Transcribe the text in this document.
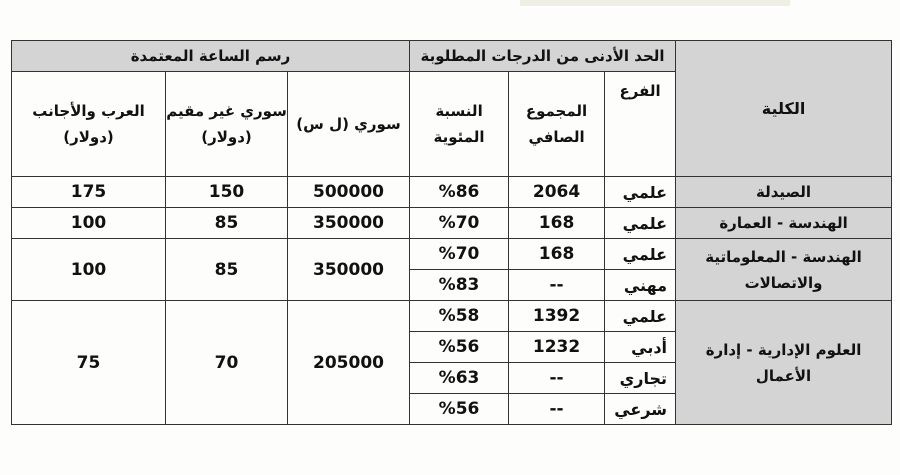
الكلية	الحد الأدنى من الدرجات المطلوبة			رسم الساعة المعتمدة		
	الفرع	المجموع الصافي	النسبة المئوية	سوري (ل س)	سوري غير مقيم (دولار)	العرب والأجانب (دولار)
الصيدلة	علمي	2064	%86	500000	150	175
الهندسة - العمارة	علمي	168	%70	350000	85	100
الهندسة - المعلوماتية والاتصالات	علمي	168	%70	350000	85	100
	مهني	--	%83			
العلوم الإدارية - إدارة الأعمال	علمي	1392	%58	205000	70	75
	أدبي	1232	%56			
	تجاري	--	%63			
	شرعي	--	%56			
